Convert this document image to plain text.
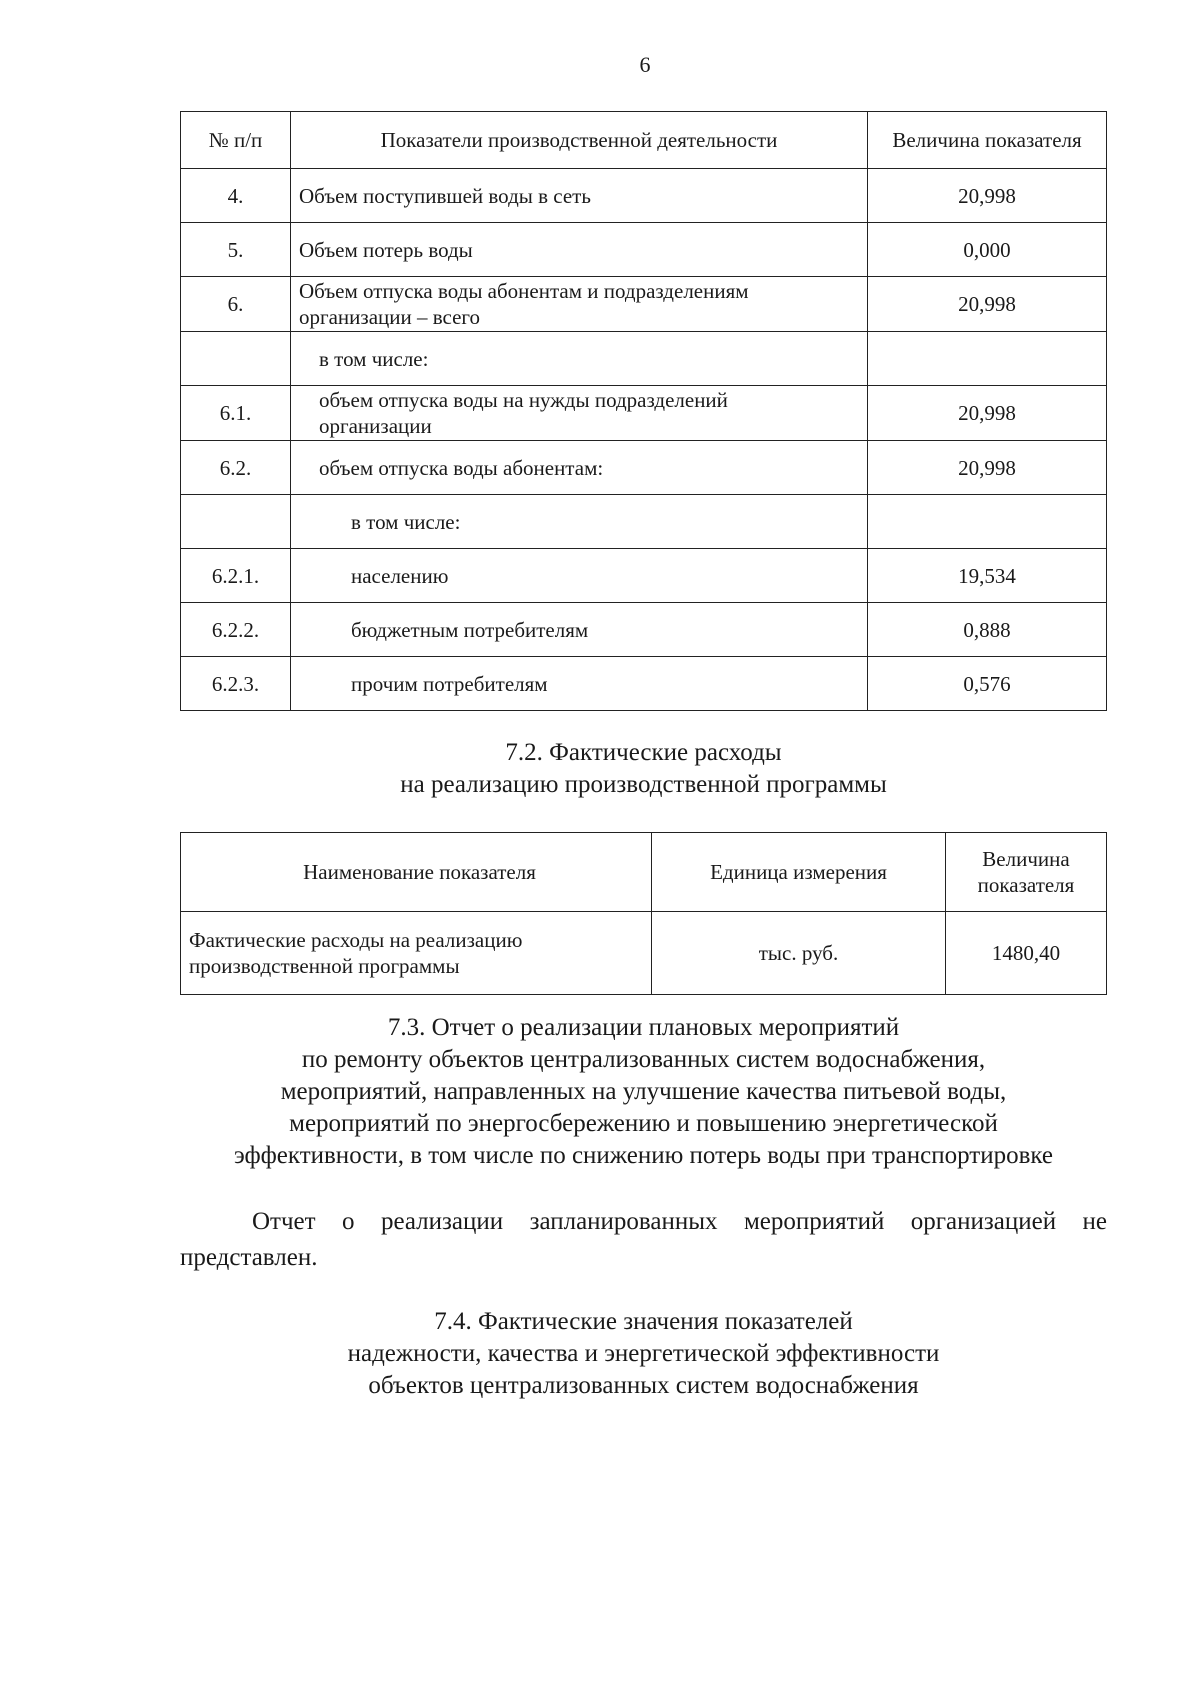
6
№ п/п	Показатели производственной деятельности	Величина показателя
4.	Объем поступившей воды в сеть	20,998
5.	Объем потерь воды	0,000
6.	Объем отпуска воды абонентам и подразделениям организации – всего	20,998
	в том числе:	
6.1.	объем отпуска воды на нужды подразделений организации	20,998
6.2.	объем отпуска воды абонентам:	20,998
	в том числе:	
6.2.1.	населению	19,534
6.2.2.	бюджетным потребителям	0,888
6.2.3.	прочим потребителям	0,576
7.2. Фактические расходы
на реализацию производственной программы
Наименование показателя	Единица измерения	Величина показателя
Фактические расходы на реализацию производственной программы	тыс. руб.	1480,40
7.3. Отчет о реализации плановых мероприятий
по ремонту объектов централизованных систем водоснабжения,
мероприятий, направленных на улучшение качества питьевой воды,
мероприятий по энергосбережению и повышению энергетической
эффективности, в том числе по снижению потерь воды при транспортировке
Отчет о реализации запланированных мероприятий организацией не представлен.
7.4. Фактические значения показателей
надежности, качества и энергетической эффективности
объектов централизованных систем водоснабжения
